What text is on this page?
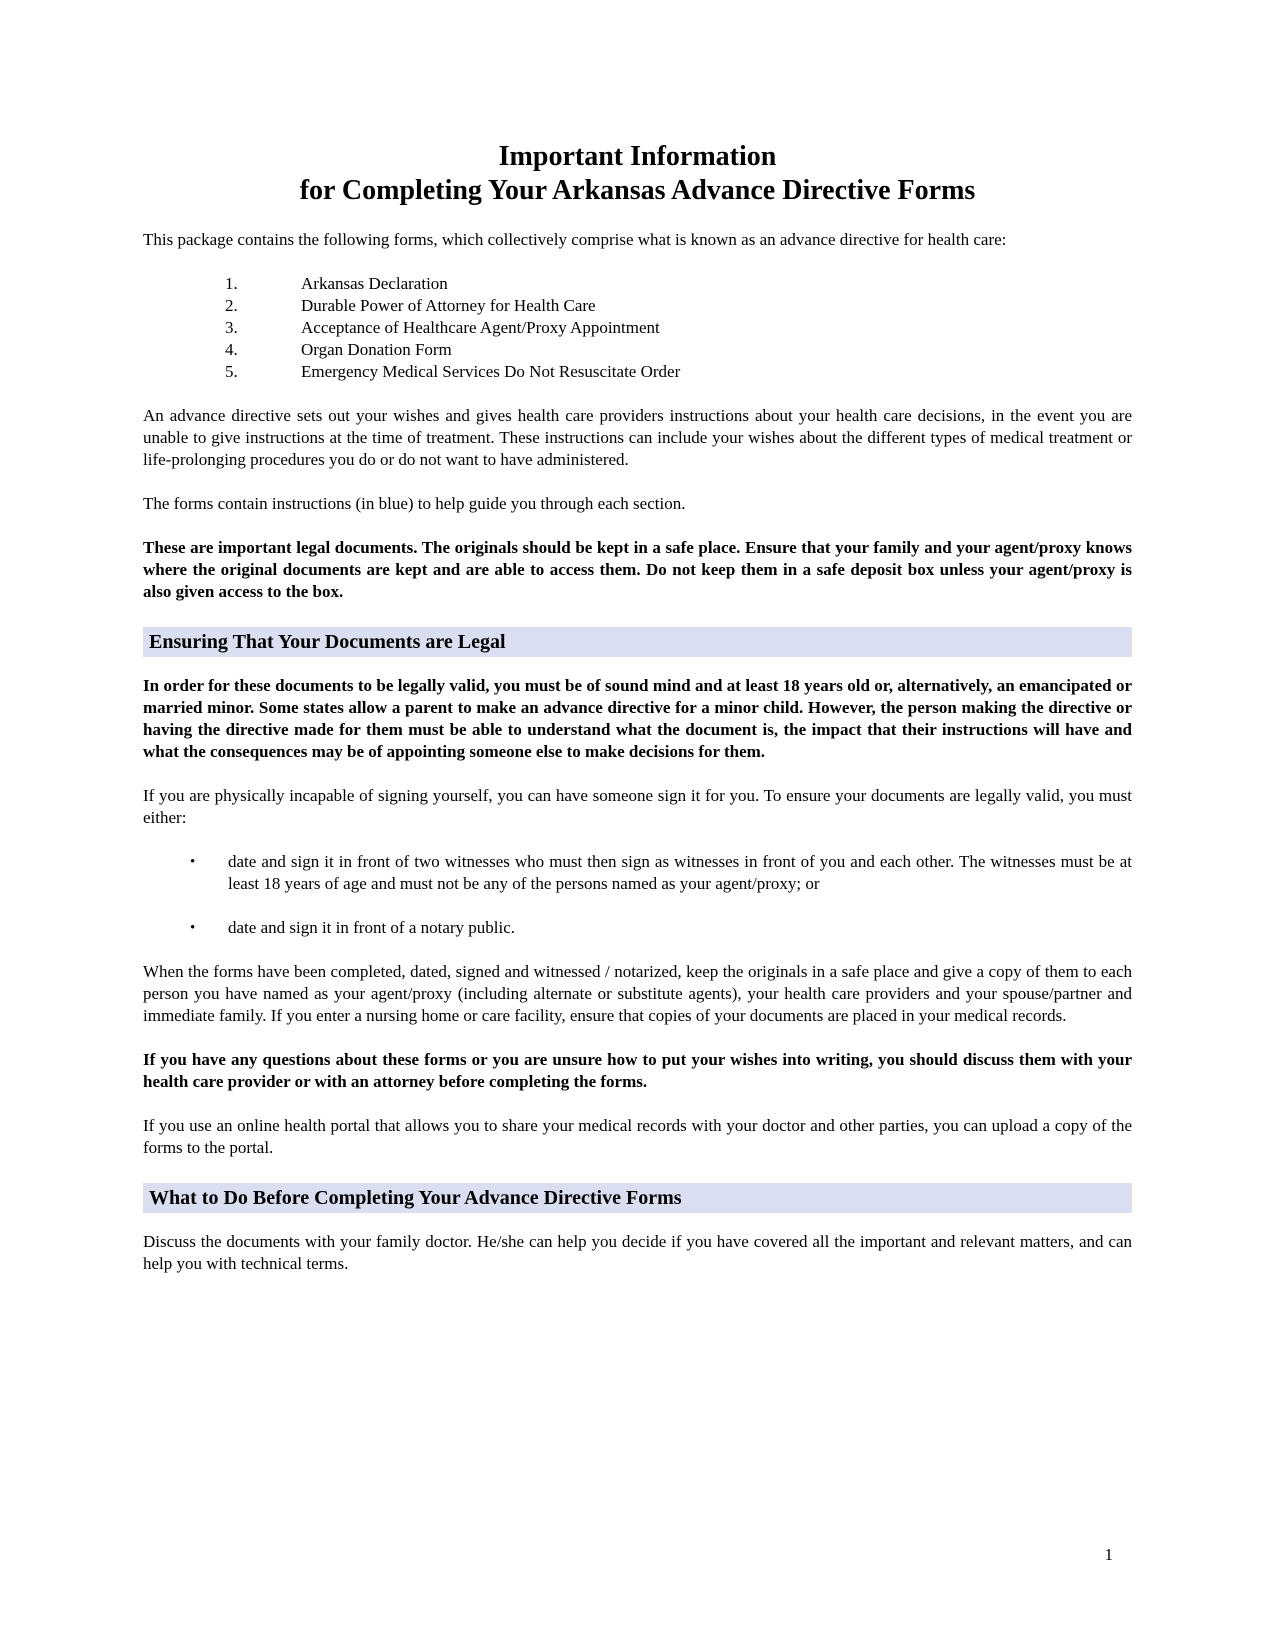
Important Information
for Completing Your Arkansas Advance Directive Forms

This package contains the following forms, which collectively comprise what is known as an advance directive for health care:

1.	Arkansas Declaration
2.	Durable Power of Attorney for Health Care
3.	Acceptance of Healthcare Agent/Proxy Appointment
4.	Organ Donation Form
5.	Emergency Medical Services Do Not Resuscitate Order

An advance directive sets out your wishes and gives health care providers instructions about your health care decisions, in the event you are unable to give instructions at the time of treatment. These instructions can include your wishes about the different types of medical treatment or life-prolonging procedures you do or do not want to have administered.

The forms contain instructions (in blue) to help guide you through each section.

These are important legal documents. The originals should be kept in a safe place. Ensure that your family and your agent/proxy knows where the original documents are kept and are able to access them. Do not keep them in a safe deposit box unless your agent/proxy is also given access to the box.

Ensuring That Your Documents are Legal

In order for these documents to be legally valid, you must be of sound mind and at least 18 years old or, alternatively, an emancipated or married minor. Some states allow a parent to make an advance directive for a minor child. However, the person making the directive or having the directive made for them must be able to understand what the document is, the impact that their instructions will have and what the consequences may be of appointing someone else to make decisions for them.

If you are physically incapable of signing yourself, you can have someone sign it for you. To ensure your documents are legally valid, you must either:

•	date and sign it in front of two witnesses who must then sign as witnesses in front of you and each other. The witnesses must be at least 18 years of age and must not be any of the persons named as your agent/proxy; or
•	date and sign it in front of a notary public.

When the forms have been completed, dated, signed and witnessed / notarized, keep the originals in a safe place and give a copy of them to each person you have named as your agent/proxy (including alternate or substitute agents), your health care providers and your spouse/partner and immediate family. If you enter a nursing home or care facility, ensure that copies of your documents are placed in your medical records.

If you have any questions about these forms or you are unsure how to put your wishes into writing, you should discuss them with your health care provider or with an attorney before completing the forms.

If you use an online health portal that allows you to share your medical records with your doctor and other parties, you can upload a copy of the forms to the portal.

What to Do Before Completing Your Advance Directive Forms

Discuss the documents with your family doctor. He/she can help you decide if you have covered all the important and relevant matters, and can help you with technical terms.

1
